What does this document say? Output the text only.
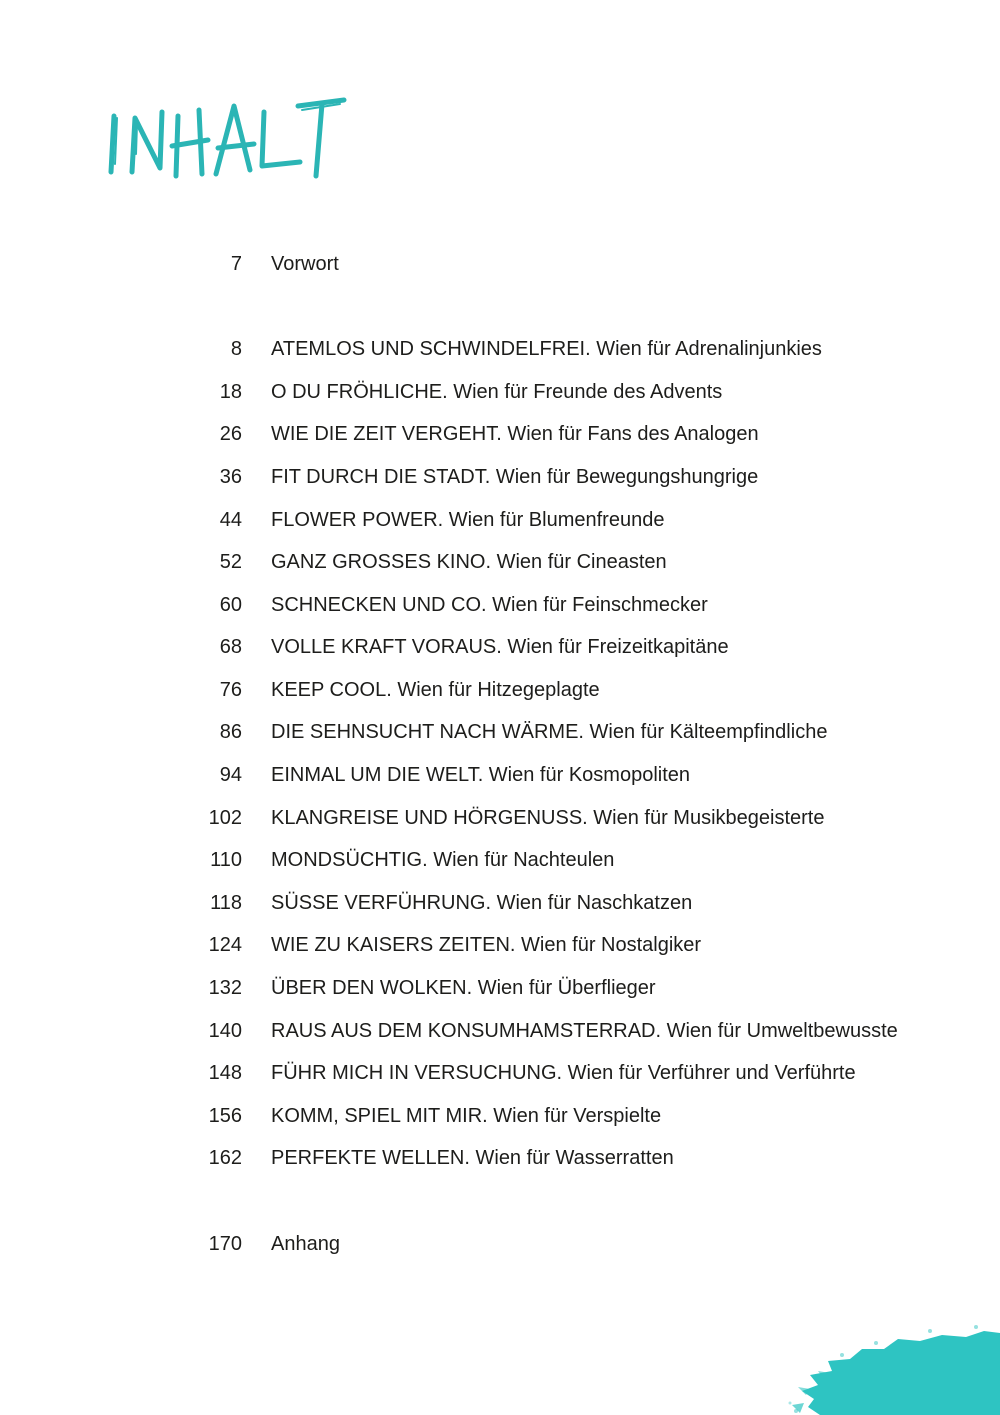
7 Vorwort
8 ATEMLOS UND SCHWINDELFREI. Wien für Adrenalinjunkies
18 O DU FRÖHLICHE. Wien für Freunde des Advents
26 WIE DIE ZEIT VERGEHT. Wien für Fans des Analogen
36 FIT DURCH DIE STADT. Wien für Bewegungshungrige
44 FLOWER POWER. Wien für Blumenfreunde
52 GANZ GROSSES KINO. Wien für Cineasten
60 SCHNECKEN UND CO. Wien für Feinschmecker
68 VOLLE KRAFT VORAUS. Wien für Freizeitkapitäne
76 KEEP COOL. Wien für Hitzegeplagte
86 DIE SEHNSUCHT NACH WÄRME. Wien für Kälteempfindliche
94 EINMAL UM DIE WELT. Wien für Kosmopoliten
102 KLANGREISE UND HÖRGENUSS. Wien für Musikbegeisterte
110 MONDSÜCHTIG. Wien für Nachteulen
118 SÜSSE VERFÜHRUNG. Wien für Naschkatzen
124 WIE ZU KAISERS ZEITEN. Wien für Nostalgiker
132 ÜBER DEN WOLKEN. Wien für Überflieger
140 RAUS AUS DEM KONSUMHAMSTERRAD. Wien für Umweltbewusste
148 FÜHR MICH IN VERSUCHUNG. Wien für Verführer und Verführte
156 KOMM, SPIEL MIT MIR. Wien für Verspielte
162 PERFEKTE WELLEN. Wien für Wasserratten
170 Anhang
